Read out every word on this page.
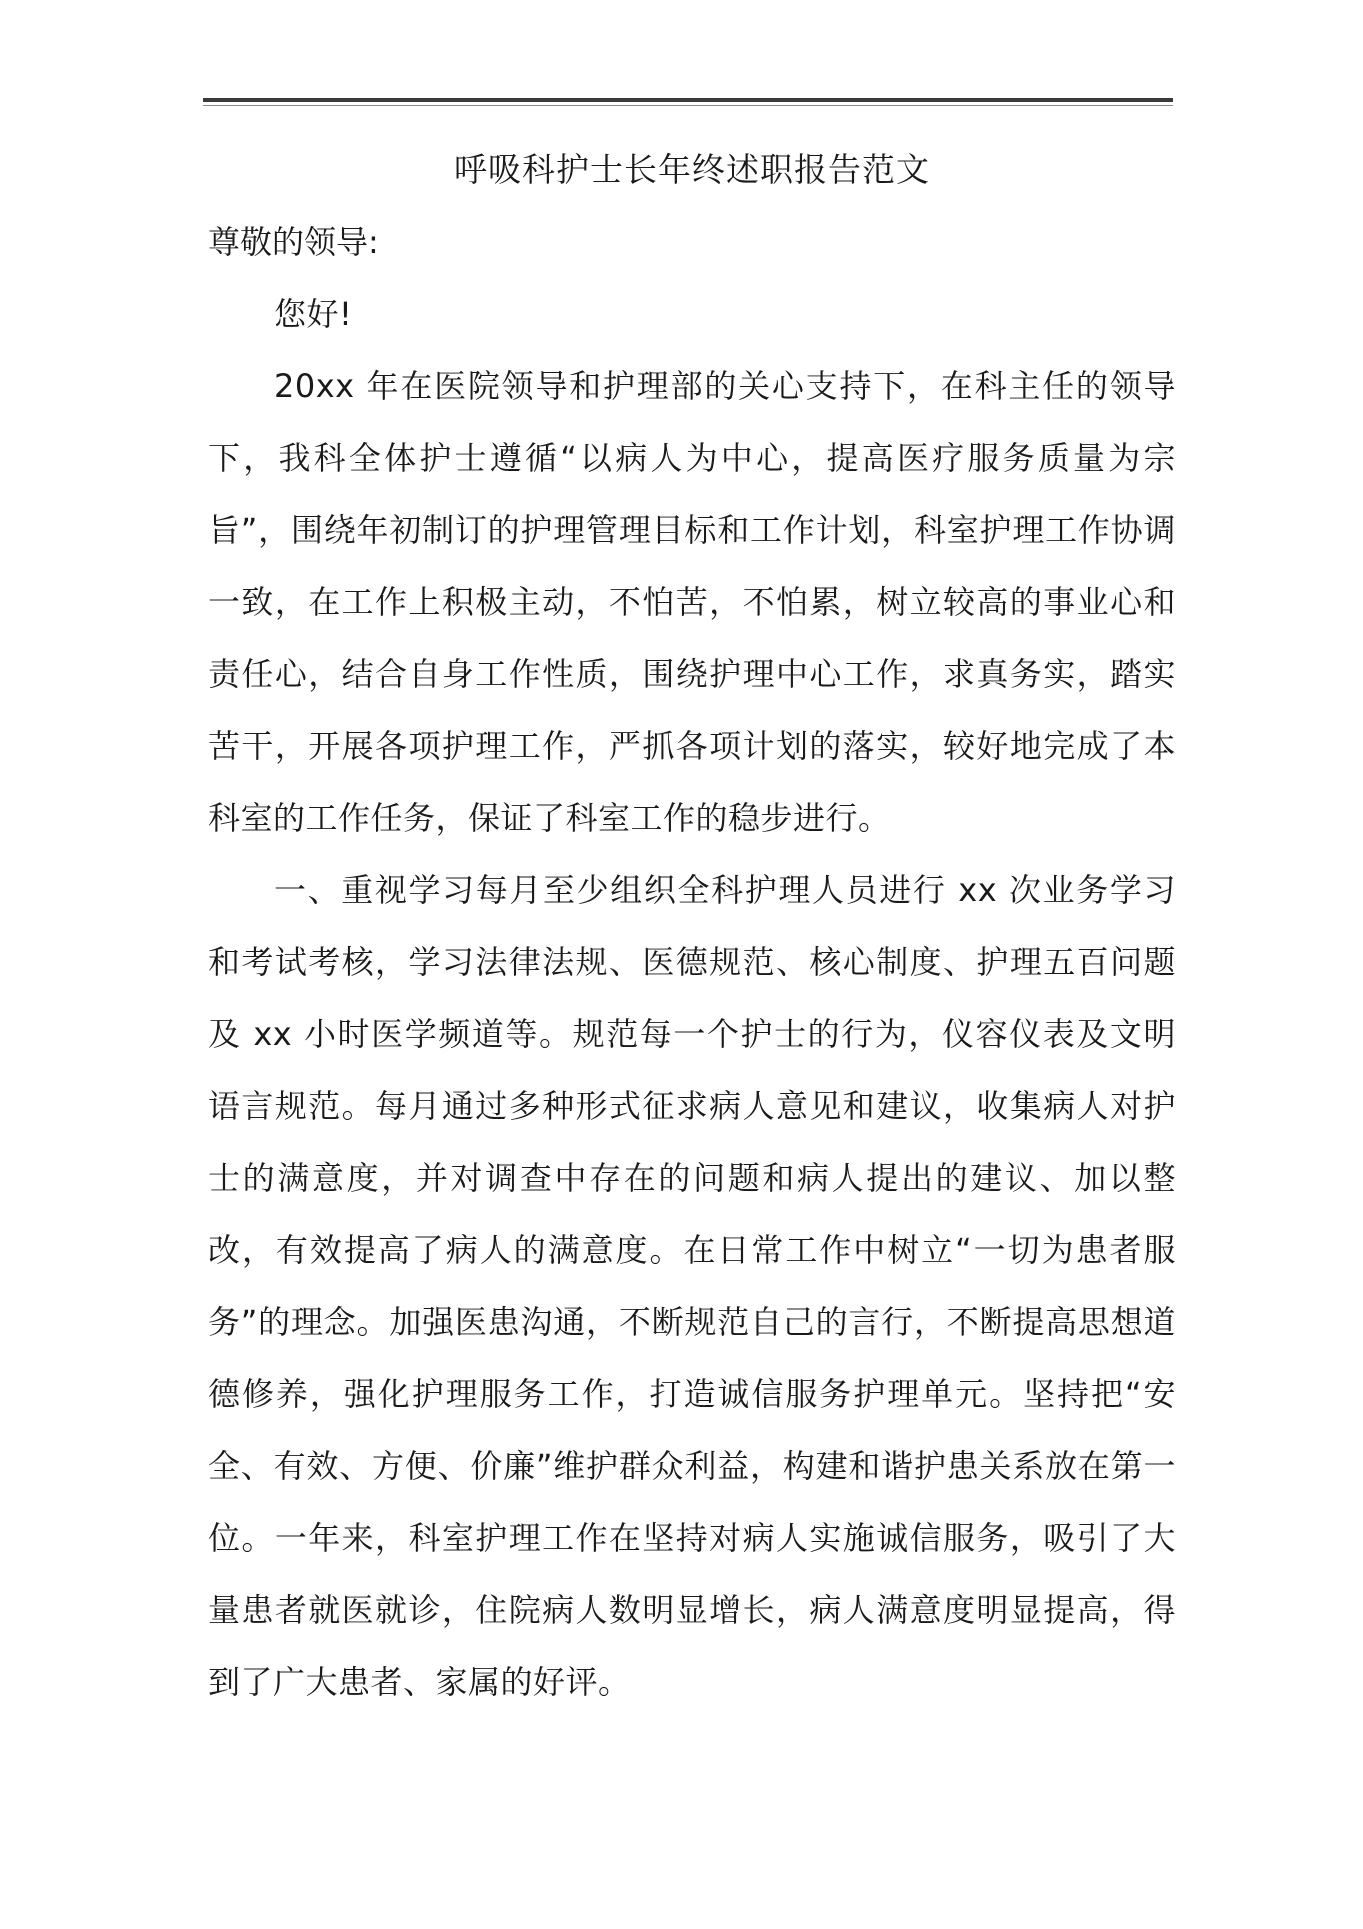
呼吸科护士长年终述职报告范文

尊敬的领导:

您好!

20xx 年在医院领导和护理部的关心支持下，在科主任的领导下，我科全体护士遵循“以病人为中心，提高医疗服务质量为宗旨”，围绕年初制订的护理管理目标和工作计划，科室护理工作协调一致，在工作上积极主动，不怕苦，不怕累，树立较高的事业心和责任心，结合自身工作性质，围绕护理中心工作，求真务实，踏实苦干，开展各项护理工作，严抓各项计划的落实，较好地完成了本科室的工作任务，保证了科室工作的稳步进行。

一、重视学习每月至少组织全科护理人员进行 xx 次业务学习和考试考核，学习法律法规、医德规范、核心制度、护理五百问题及 xx 小时医学频道等。规范每一个护士的行为，仪容仪表及文明语言规范。每月通过多种形式征求病人意见和建议，收集病人对护士的满意度，并对调查中存在的问题和病人提出的建议、加以整改，有效提高了病人的满意度。在日常工作中树立“一切为患者服务”的理念。加强医患沟通，不断规范自己的言行，不断提高思想道德修养，强化护理服务工作，打造诚信服务护理单元。坚持把“安全、有效、方便、价廉”维护群众利益，构建和谐护患关系放在第一位。一年来，科室护理工作在坚持对病人实施诚信服务，吸引了大量患者就医就诊，住院病人数明显增长，病人满意度明显提高，得到了广大患者、家属的好评。
